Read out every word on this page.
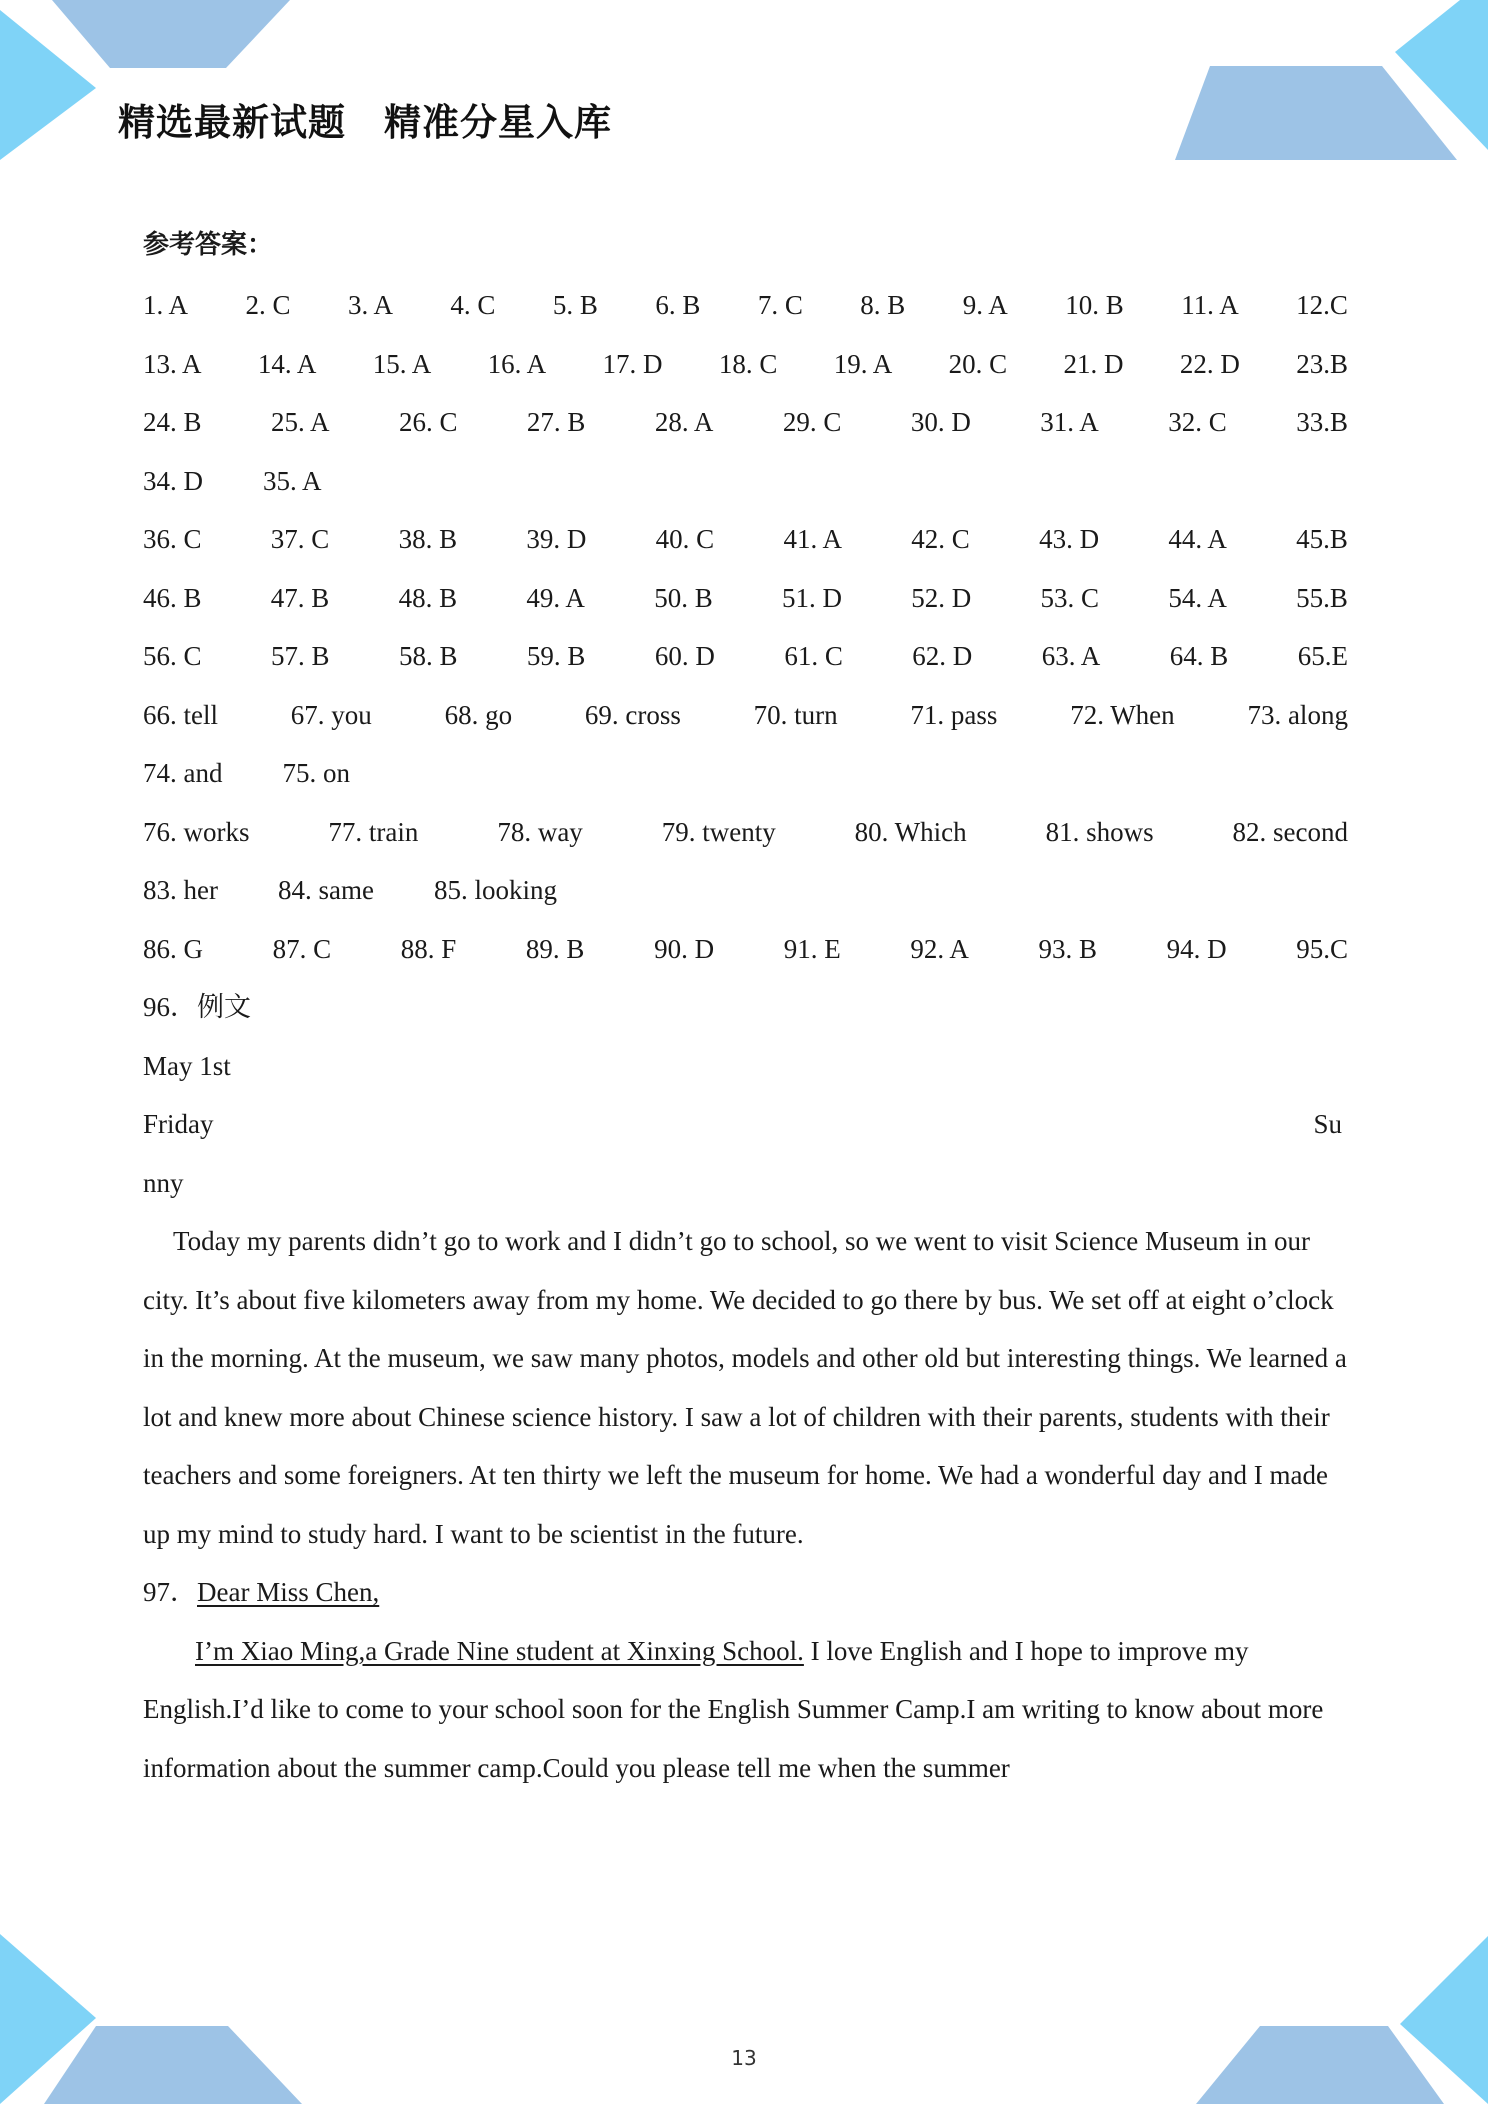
精选最新试题 精准分星入库
参考答案：
1. A 2. C 3. A 4. C 5. B 6. B 7. C 8. B 9. A 10. B 11. A 12.C
13. A 14. A 15. A 16. A 17. D 18. C 19. A 20. C 21. D 22. D 23.B
24. B	25. A	26. C	27. B	28. A	29. C	30. D	31. A	32. C	33.B
34. D 35. A
36. C	37. C	38. B	39. D	40. C	41. A	42. C	43. D	44. A	45.B
46. B	47. B	48. B	49. A	50. B	51. D	52. D	53. C	54. A	55.B
56. C	57. B	58. B	59. B	60. D	61. C	62. D	63. A	64. B	65.E
66. tell	67. you	68. go	69. cross	70. turn	71. pass	72. When	73. along
74. and 75. on
76. works	77. train	78. way	79. twenty	80. Which	81. shows	82. second
83. her 84. same 85. looking
86. G	87. C	88. F	89. B	90. D	91. E	92. A	93. B	94. D	95.C
96．例文
May 1st
Friday	Su
nny

Today my parents didn’t go to work and I didn’t go to school, so we went to visit Science Museum in our city. It’s about five kilometers away from my home. We decided to go there by bus. We set off at eight o’clock in the morning. At the museum, we saw many photos, models and other old but interesting things. We learned a lot and knew more about Chinese science history. I saw a lot of children with their parents, students with their teachers and some foreigners. At ten thirty we left the museum for home. We had a wonderful day and I made up my mind to study hard. I want to be scientist in the future.

97．Dear Miss Chen,

I’m Xiao Ming,a Grade Nine student at Xinxing School. I love English and I hope to improve my English.I’d like to come to your school soon for the English Summer Camp.I am writing to know about more information about the summer camp.Could you please tell me when the summer

13
